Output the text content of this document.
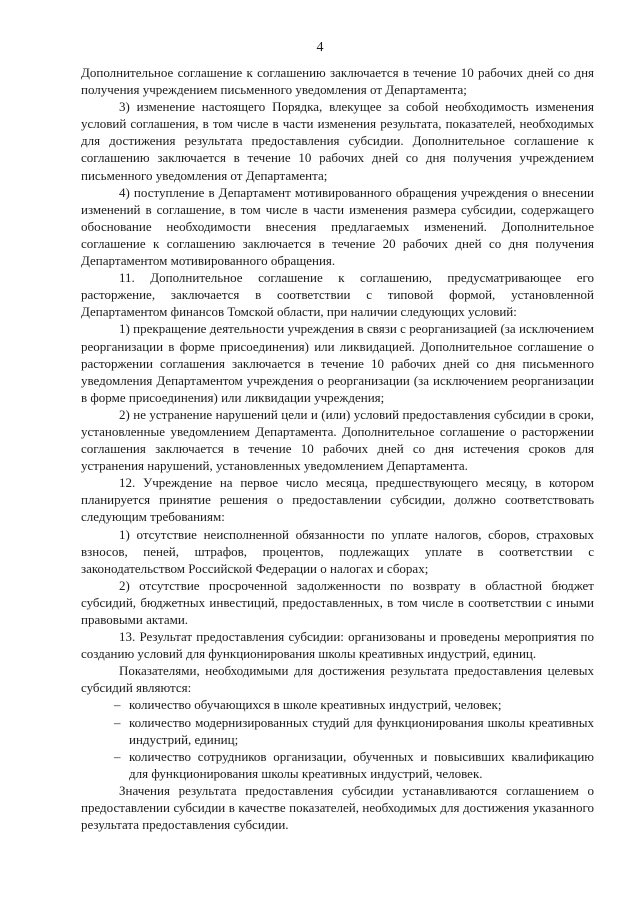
4

Дополнительное соглашение к соглашению заключается в течение 10 рабочих дней со дня получения учреждением письменного уведомления от Департамента;

3) изменение настоящего Порядка, влекущее за собой необходимость изменения условий соглашения, в том числе в части изменения результата, показателей, необходимых для достижения результата предоставления субсидии. Дополнительное соглашение к соглашению заключается в течение 10 рабочих дней со дня получения учреждением письменного уведомления от Департамента;

4) поступление в Департамент мотивированного обращения учреждения о внесении изменений в соглашение, в том числе в части изменения размера субсидии, содержащего обоснование необходимости внесения предлагаемых изменений. Дополнительное соглашение к соглашению заключается в течение 20 рабочих дней со дня получения Департаментом мотивированного обращения.

11. Дополнительное соглашение к соглашению, предусматривающее его расторжение, заключается в соответствии с типовой формой, установленной Департаментом финансов Томской области, при наличии следующих условий:

1) прекращение деятельности учреждения в связи с реорганизацией (за исключением реорганизации в форме присоединения) или ликвидацией. Дополнительное соглашение о расторжении соглашения заключается в течение 10 рабочих дней со дня письменного уведомления Департаментом учреждения о реорганизации (за исключением реорганизации в форме присоединения) или ликвидации учреждения;

2) не устранение нарушений цели и (или) условий предоставления субсидии в сроки, установленные уведомлением Департамента. Дополнительное соглашение о расторжении соглашения заключается в течение 10 рабочих дней со дня истечения сроков для устранения нарушений, установленных уведомлением Департамента.

12. Учреждение на первое число месяца, предшествующего месяцу, в котором планируется принятие решения о предоставлении субсидии, должно соответствовать следующим требованиям:

1) отсутствие неисполненной обязанности по уплате налогов, сборов, страховых взносов, пеней, штрафов, процентов, подлежащих уплате в соответствии с законодательством Российской Федерации о налогах и сборах;

2) отсутствие просроченной задолженности по возврату в областной бюджет субсидий, бюджетных инвестиций, предоставленных, в том числе в соответствии с иными правовыми актами.

13. Результат предоставления субсидии: организованы и проведены мероприятия по созданию условий для функционирования школы креативных индустрий, единиц.

Показателями, необходимыми для достижения результата предоставления целевых субсидий являются:

– количество обучающихся в школе креативных индустрий, человек;
– количество модернизированных студий для функционирования школы креативных индустрий, единиц;
– количество сотрудников организации, обученных и повысивших квалификацию для функционирования школы креативных индустрий, человек.

Значения результата предоставления субсидии устанавливаются соглашением о предоставлении субсидии в качестве показателей, необходимых для достижения указанного результата предоставления субсидии.
